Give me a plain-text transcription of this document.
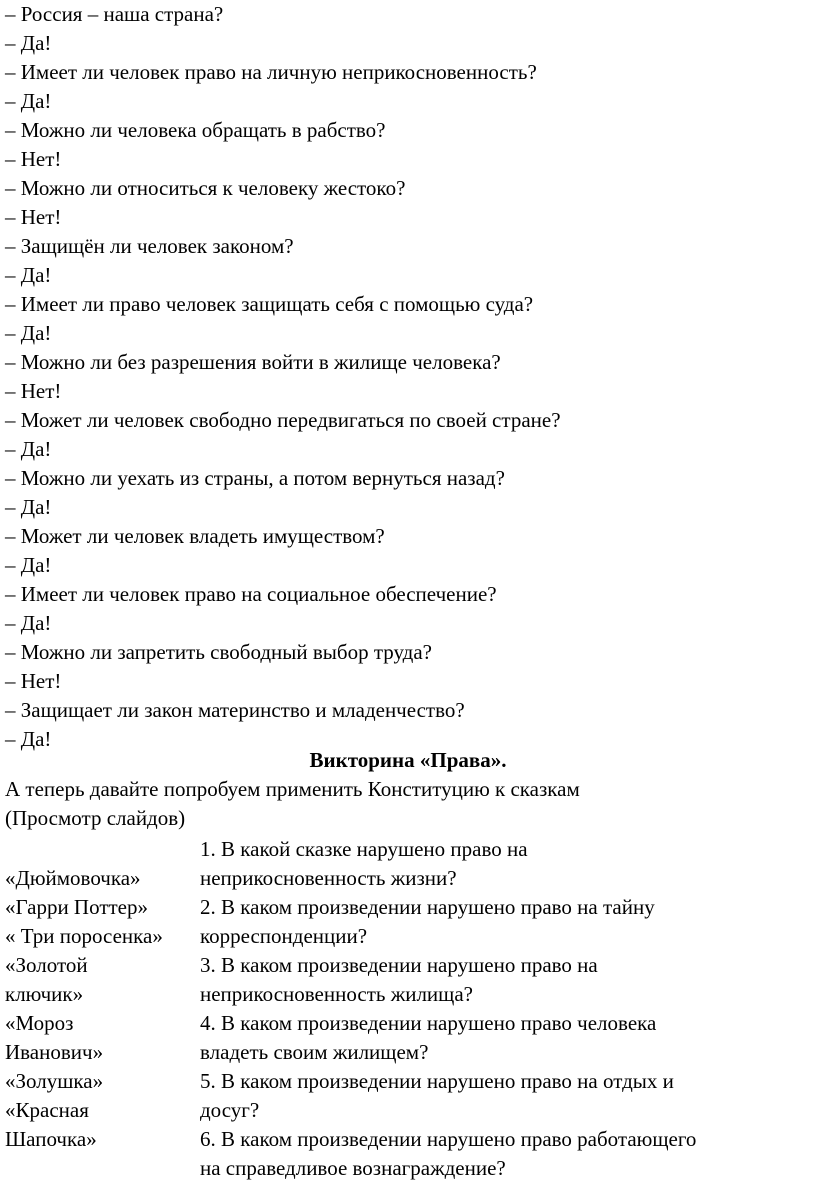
– Россия – наша страна?
– Да!
– Имеет ли человек право на личную неприкосновенность?
– Да!
– Можно ли человека обращать в рабство?
– Нет!
– Можно ли относиться к человеку жестоко?
– Нет!
– Защищён ли человек законом?
– Да!
– Имеет ли право человек защищать себя с помощью суда?
– Да!
– Можно ли без разрешения войти в жилище человека?
– Нет!
– Может ли человек свободно передвигаться по своей стране?
– Да!
– Можно ли уехать из страны, а потом вернуться назад?
– Да!
– Может ли человек владеть имуществом?
– Да!
– Имеет ли человек право на социальное обеспечение?
– Да!
– Можно ли запретить свободный выбор труда?
– Нет!
– Защищает ли закон материнство и младенчество?
– Да!
Викторина «Права».
А теперь давайте попробуем применить Конституцию к сказкам
(Просмотр слайдов)
«Дюймовочка»
«Гарри Поттер»
« Три поросенка»
«Золотой
ключик»
«Мороз
Иванович»
«Золушка»
«Красная
Шапочка»
1. В какой сказке нарушено право на
неприкосновенность жизни?
2. В каком произведении нарушено право на тайну
корреспонденции?
3. В каком произведении нарушено право на
неприкосновенность жилища?
4. В каком произведении нарушено право человека
владеть своим жилищем?
5. В каком произведении нарушено право на отдых и
досуг?
6. В каком произведении нарушено право работающего
на справедливое вознаграждение?
